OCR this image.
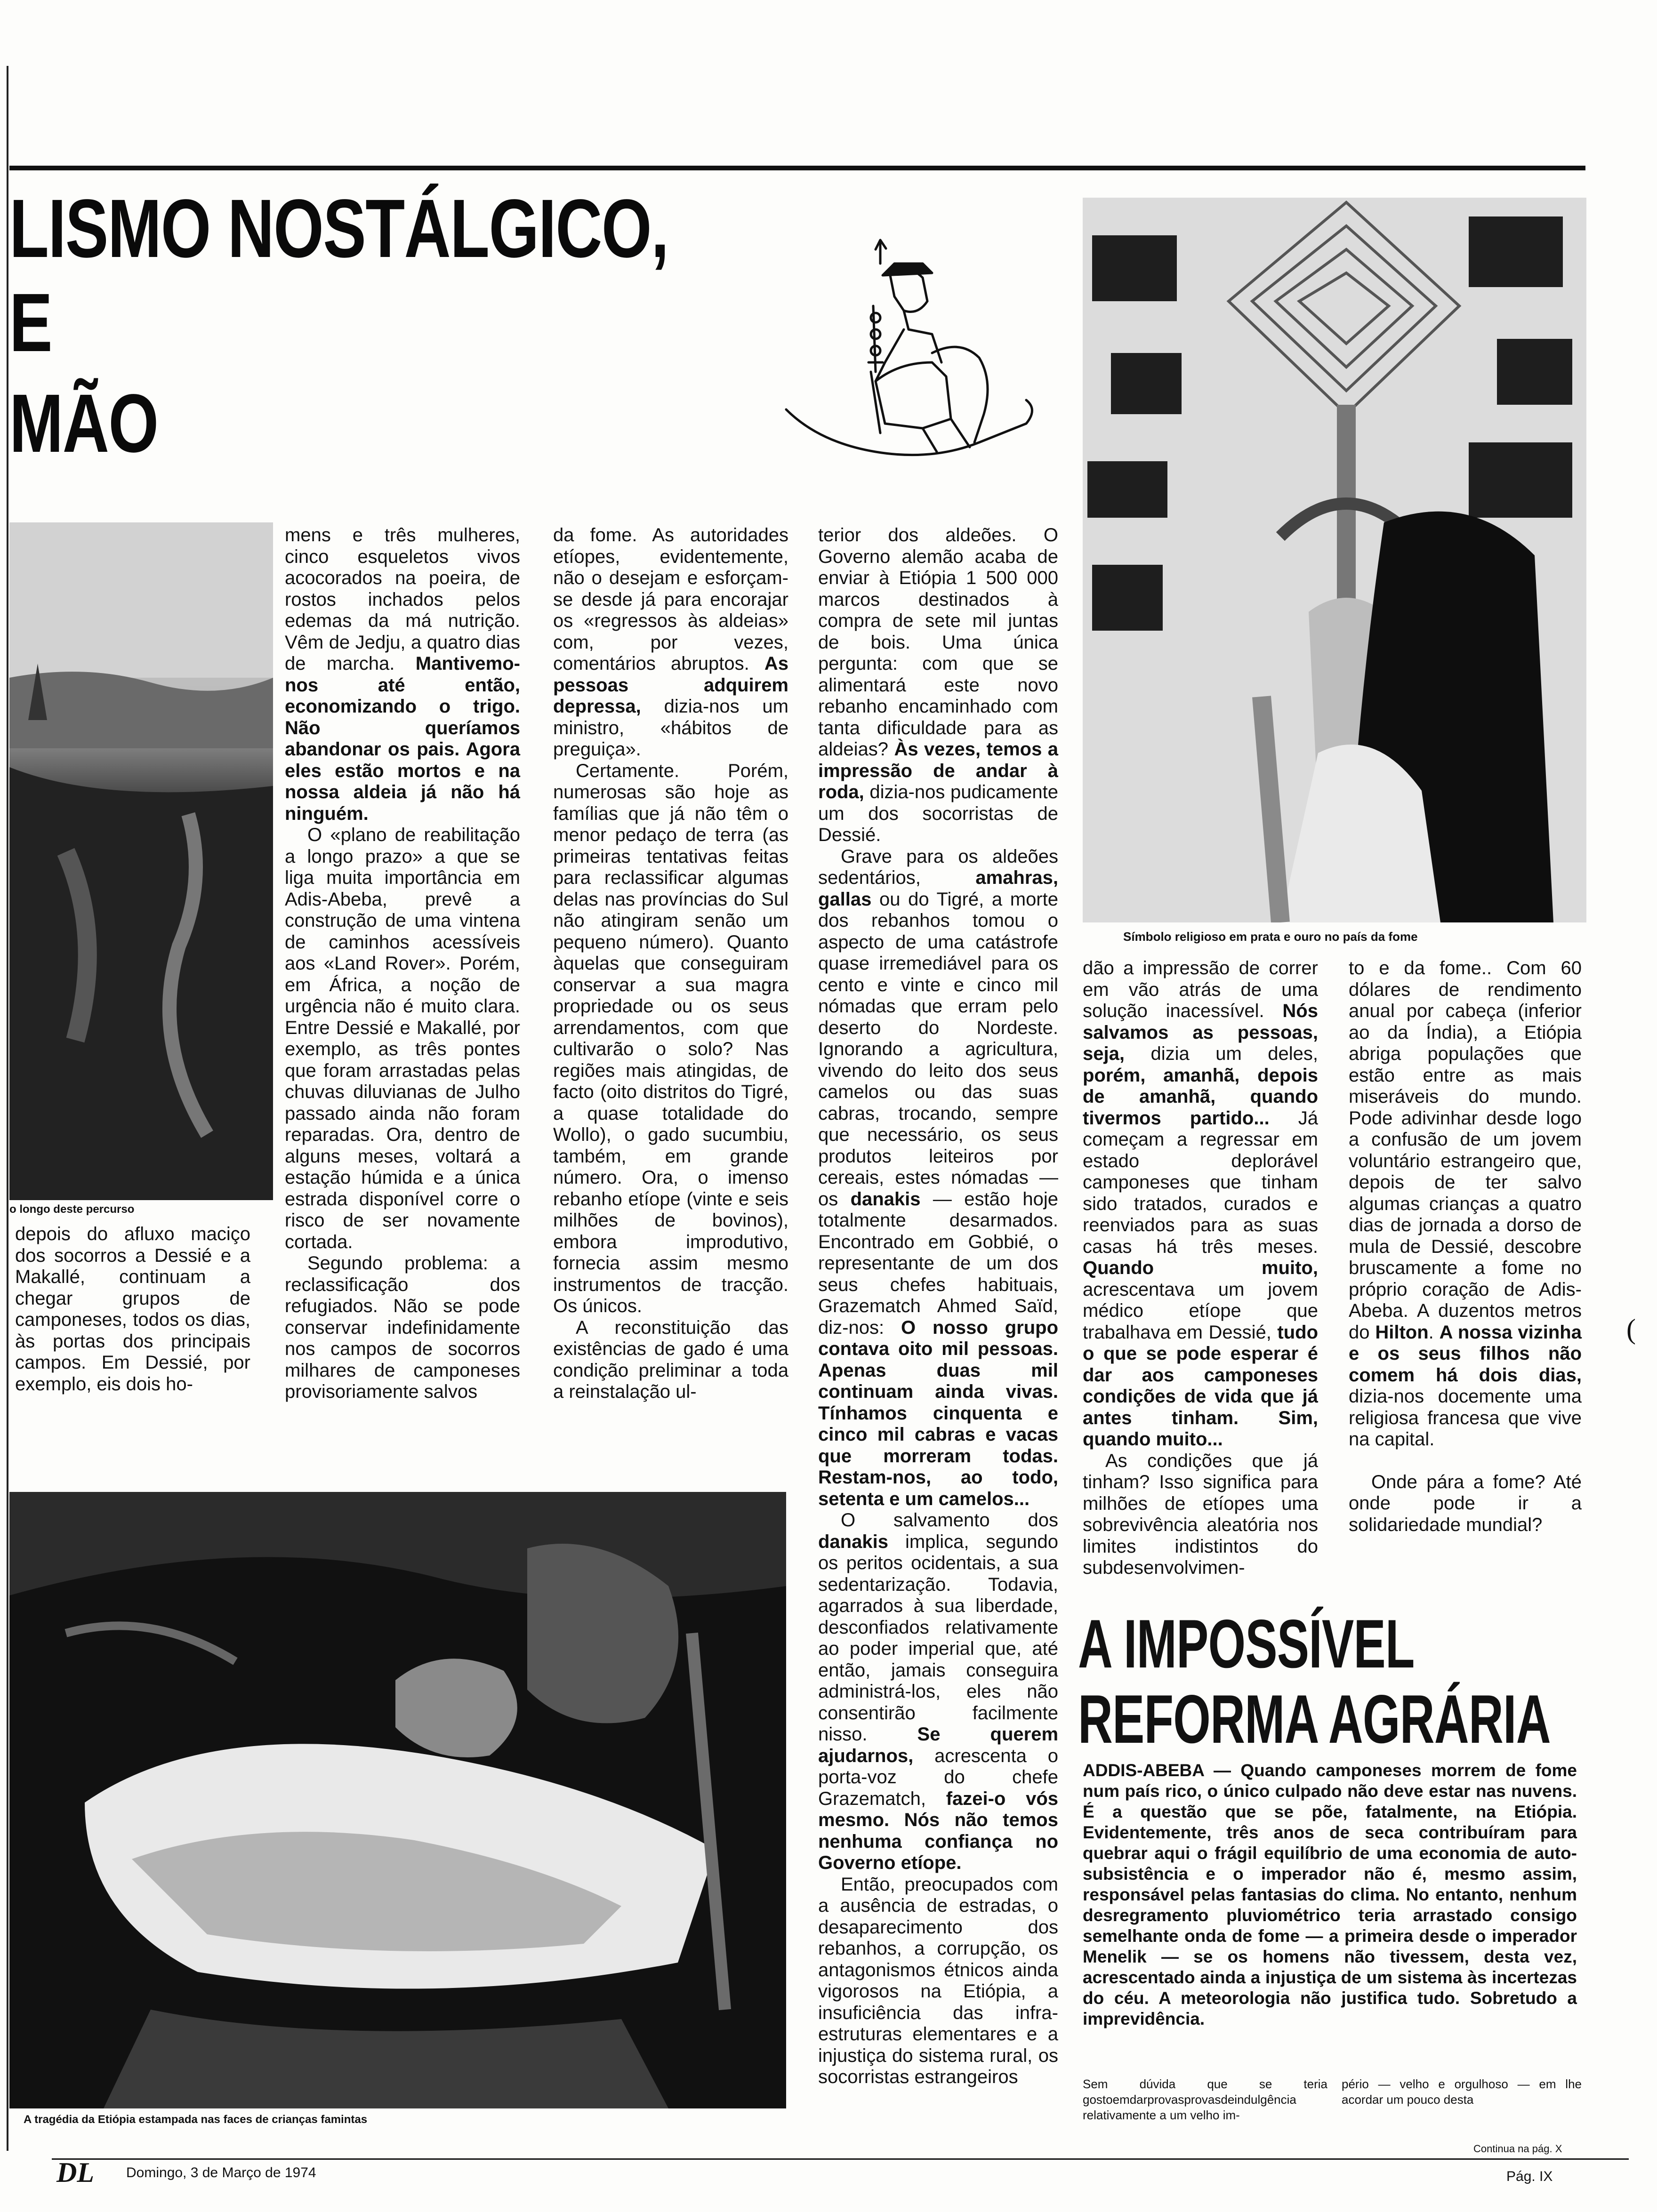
LISMO NOSTÁLGICO,
E
MÃO
o longo deste percurso
A tragédia da Etiópia estampada nas faces de crianças famintas
Símbolo religioso em prata e ouro no país da fome

depois do afluxo maciço dos socorros a Dessié e a Makallé, continuam a chegar grupos de camponeses, todos os dias, às portas dos principais campos. Em Dessié, por exemplo, eis dois ho-

mens e três mulheres, cinco esqueletos vivos acocorados na poeira, de rostos inchados pelos edemas da má nutrição. Vêm de Jedju, a quatro dias de marcha. Mantivemo-nos até então, economizando o trigo. Não queríamos abandonar os pais. Agora eles estão mortos e na nossa aldeia já não há ninguém.

O «plano de reabilitação a longo prazo» a que se liga muita importância em Adis-Abeba, prevê a construção de uma vintena de caminhos acessíveis aos «Land Rover». Porém, em África, a noção de urgência não é muito clara. Entre Dessié e Makallé, por exemplo, as três pontes que foram arrastadas pelas chuvas diluvianas de Julho passado ainda não foram reparadas. Ora, dentro de alguns meses, voltará a estação húmida e a única estrada disponível corre o risco de ser novamente cortada.

Segundo problema: a reclassificação dos refugiados. Não se pode conservar indefinidamente nos campos de socorros milhares de camponeses provisoriamente salvos

da fome. As autoridades etíopes, evidentemente, não o desejam e esforçam-se desde já para encorajar os «regressos às aldeias» com, por vezes, comentários abruptos. As pessoas adquirem depressa, dizia-nos um ministro, «hábitos de preguiça».

Certamente. Porém, numerosas são hoje as famílias que já não têm o menor pedaço de terra (as primeiras tentativas feitas para reclassificar algumas delas nas províncias do Sul não atingiram senão um pequeno número). Quanto àquelas que conseguiram conservar a sua magra propriedade ou os seus arrendamentos, com que cultivarão o solo? Nas regiões mais atingidas, de facto (oito distritos do Tigré, a quase totalidade do Wollo), o gado sucumbiu, também, em grande número. Ora, o imenso rebanho etíope (vinte e seis milhões de bovinos), embora improdutivo, fornecia assim mesmo instrumentos de tracção. Os únicos.

A reconstituição das existências de gado é uma condição preliminar a toda a reinstalação ul-

terior dos aldeões. O Governo alemão acaba de enviar à Etiópia 1 500 000 marcos destinados à compra de sete mil juntas de bois. Uma única pergunta: com que se alimentará este novo rebanho encaminhado com tanta dificuldade para as aldeias? Às vezes, temos a impressão de andar à roda, dizia-nos pudicamente um dos socorristas de Dessié.

Grave para os aldeões sedentários, amahras, gallas ou do Tigré, a morte dos rebanhos tomou o aspecto de uma catástrofe quase irremediável para os cento e vinte e cinco mil nómadas que erram pelo deserto do Nordeste. Ignorando a agricultura, vivendo do leito dos seus camelos ou das suas cabras, trocando, sempre que necessário, os seus produtos leiteiros por cereais, estes nómadas — os danakis — estão hoje totalmente desarmados. Encontrado em Gobbié, o representante de um dos seus chefes habituais, Grazematch Ahmed Saïd, diz-nos: O nosso grupo contava oito mil pessoas. Apenas duas mil continuam ainda vivas. Tínhamos cinquenta e cinco mil cabras e vacas que morreram todas. Restam-nos, ao todo, setenta e um camelos...

O salvamento dos danakis implica, segundo os peritos ocidentais, a sua sedentarização. Todavia, agarrados à sua liberdade, desconfiados relativamente ao poder imperial que, até então, jamais conseguira administrá-los, eles não consentirão facilmente nisso. Se querem ajudarnos, acrescenta o porta-voz do chefe Grazematch, fazei-o vós mesmo. Nós não temos nenhuma confiança no Governo etíope.

Então, preocupados com a ausência de estradas, o desaparecimento dos rebanhos, a corrupção, os antagonismos étnicos ainda vigorosos na Etiópia, a insuficiência das infra-estruturas elementares e a injustiça do sistema rural, os socorristas estrangeiros

dão a impressão de correr em vão atrás de uma solução inacessível. Nós salvamos as pessoas, seja, dizia um deles, porém, amanhã, depois de amanhã, quando tivermos partido... Já começam a regressar em estado deplorável camponeses que tinham sido tratados, curados e reenviados para as suas casas há três meses. Quando muito, acrescentava um jovem médico etíope que trabalhava em Dessié, tudo o que se pode esperar é dar aos camponeses condições de vida que já antes tinham. Sim, quando muito...

As condições que já tinham? Isso significa para milhões de etíopes uma sobrevivência aleatória nos limites indistintos do subdesenvolvimen-

to e da fome.. Com 60 dólares de rendimento anual por cabeça (inferior ao da Índia), a Etiópia abriga populações que estão entre as mais miseráveis do mundo. Pode adivinhar desde logo a confusão de um jovem voluntário estrangeiro que, depois de ter salvo algumas crianças a quatro dias de jornada a dorso de mula de Dessié, descobre bruscamente a fome no próprio coração de Adis-Abeba. A duzentos metros do Hilton. A nossa vizinha e os seus filhos não comem há dois dias, dizia-nos docemente uma religiosa francesa que vive na capital.

Onde pára a fome? Até onde pode ir a solidariedade mundial?

A IMPOSSÍVEL
REFORMA AGRÁRIA
ADDIS-ABEBA — Quando camponeses morrem de fome num país rico, o único culpado não deve estar nas nuvens. É a questão que se põe, fatalmente, na Etiópia. Evidentemente, três anos de seca contribuíram para quebrar aqui o frágil equilíbrio de uma economia de auto-subsistência e o imperador não é, mesmo assim, responsável pelas fantasias do clima. No entanto, nenhum desregramento pluviométrico teria arrastado consigo semelhante onda de fome — a primeira desde o imperador Menelik — se os homens não tivessem, desta vez, acrescentado ainda a injustiça de um sistema às incertezas do céu. A meteorologia não justifica tudo. Sobretudo a imprevidência.
Sem dúvida que se teria gostoemdarprovasprovasdeindulgência relativamente a um velho im-
pério — velho e orgulhoso — em lhe acordar um pouco desta
Continua na pág. X
(
DL Domingo, 3 de Março de 1974	Pág. IX
